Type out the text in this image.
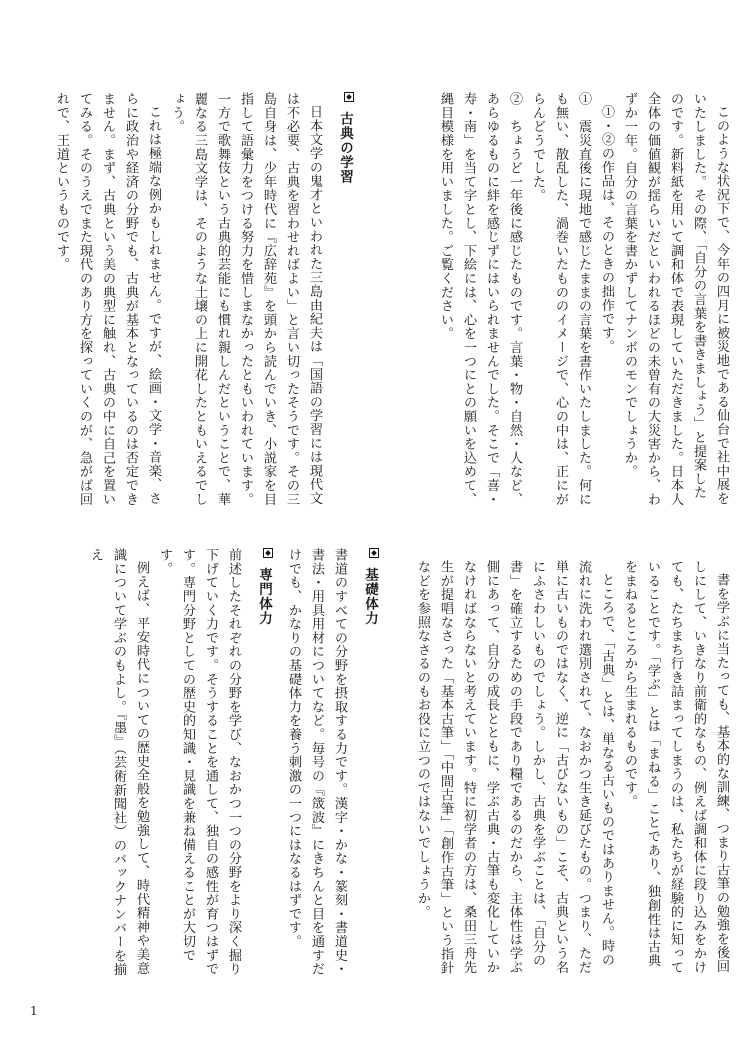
このような状況下で、今年の四月に被災地である仙台で社中展をいたしました。その際、「自分の言葉を書きましょう」と提案したのです。新料紙を用いて調和体で表現していただきました。日本人全体の価値観が揺らいだといわれるほどの未曽有の大災害から、わずか一年。自分の言葉を書かずしてナンボのモンでしょうか。

①・②の作品は、そのときの拙作です。

①　震災直後に現地で感じたままの言葉を書作いたしました。何にも無い、散乱した、渦巻いたもののイメージで、心の中は、正にがらんどうでした。

②　ちょうど一年後に感じたものです。言葉・物・自然・人など、あらゆるものに絆を感じずにはいられませんでした。そこで「喜・寿・南」を当て字とし、下絵には、心を一つにとの願いを込めて、縄目模様を用いました。ご覧ください。

古典の学習

日本文学の鬼才といわれた三島由紀夫は「国語の学習には現代文は不必要、古典を習わせればよい」と言い切ったそうです。その三島自身は、少年時代に『広辞苑』を頭から読んでいき、小説家を目指して語彙力をつける努力を惜しまなかったともいわれています。一方で歌舞伎という古典的芸能にも慣れ親しんだということで、華麗なる三島文学は、そのような土壌の上に開花したともいえるでしょう。

これは極端な例かもしれません。ですが、絵画・文学・音楽、さらに政治や経済の分野でも、古典が基本となっているのは否定できません。まず、古典という美の典型に触れ、古典の中に自己を置いてみる。そのうえでまた現代のあり方を探っていくのが、急がば回れで、王道というものです。

書を学ぶに当たっても、基本的な訓練、つまり古筆の勉強を後回しにして、いきなり前衛的なもの、例えば調和体に段り込みをかけても、たちまち行き詰まってしまうのは、私たちが経験的に知っていることです。「学ぶ」とは「まねる」ことであり、独創性は古典をまねるところから生まれるものです。

ところで、「古典」とは、単なる古いものではありません。時の流れに洗われ選別されて、なおかつ生き延びたもの。つまり、ただ単に古いものではなく、逆に「古びないもの」こそ、古典という名にふさわしいものでしょう。しかし、古典を学ぶことは、「自分の書」を確立するための手段であり糧であるのだから、主体性は学ぶ側にあって、自分の成長とともに、学ぶ古典・古筆も変化していかなければならないと考えています。特に初学者の方は、桑田三舟先生が提唱なさった「基本古筆」「中間古筆」「創作古筆」という指針などを参照なさるのもお役に立つのではないでしょうか。

基礎体力

書道のすべての分野を摂取する力です。漢字・かな・篆刻・書道史・書法・用具用材についてなど。毎号の『筬波』にきちんと目を通すだけでも、かなりの基礎体力を養う刺激の一つにはなるはずです。

専門体力

前述したそれぞれの分野を学び、なおかつ一つの分野をより深く掘り下げていく力です。そうすることを通して、独自の感性が育つはずです。専門分野としての歴史的知識・見識を兼ね備えることが大切です。

例えば、平安時代についての歴史全般を勉強して、時代精神や美意識について学ぶのもよし。『墨』（芸術新聞社）のバックナンバーを揃え

1
